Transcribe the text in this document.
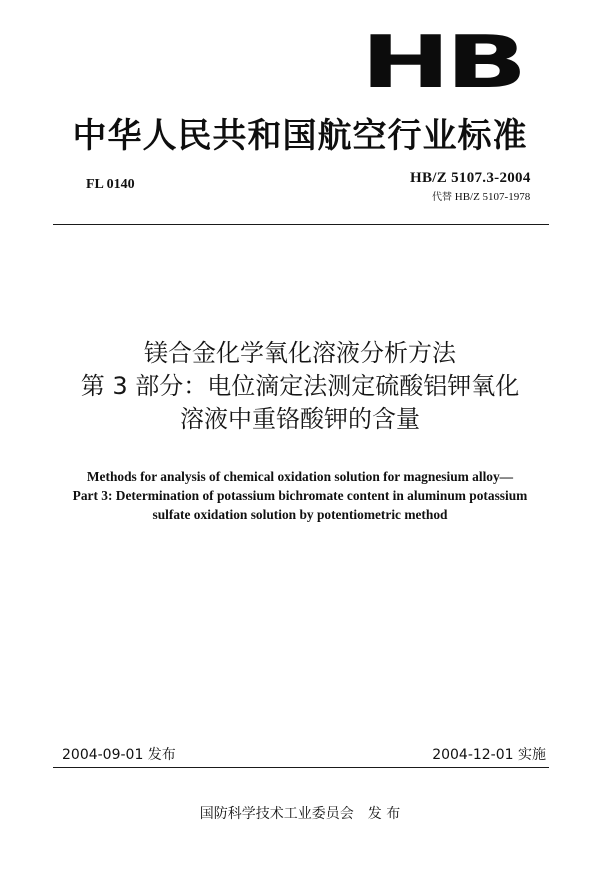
HB
中华人民共和国航空行业标准
FL 0140	HB/Z 5107.3-2004
代替 HB/Z 5107-1978
镁合金化学氧化溶液分析方法
第 3 部分：电位滴定法测定硫酸铝钾氧化
溶液中重铬酸钾的含量
Methods for analysis of chemical oxidation solution for magnesium alloy—
Part 3: Determination of potassium bichromate content in aluminum potassium
sulfate oxidation solution by potentiometric method
2004-09-01 发布	2004-12-01 实施
国防科学技术工业委员会　发 布
